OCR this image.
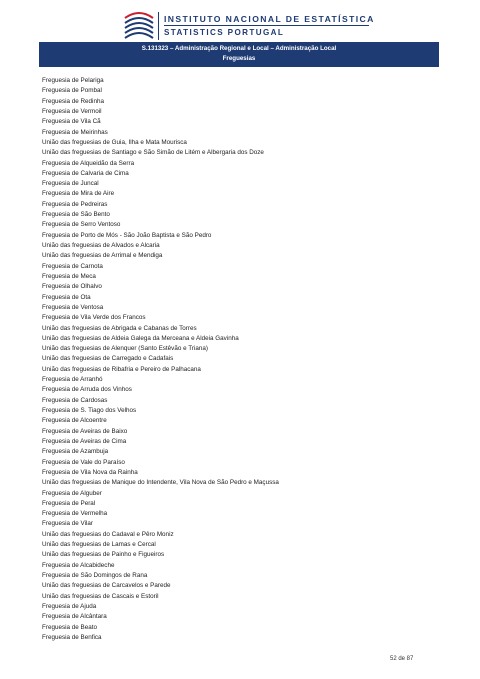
INSTITUTO NACIONAL DE ESTATÍSTICA
STATISTICS PORTUGAL
S.131323 – Administração Regional e Local – Administração Local
Freguesias
Freguesia de Pelariga
Freguesia de Pombal
Freguesia de Redinha
Freguesia de Vermoil
Freguesia de Vila Cã
Freguesia de Meirinhas
União das freguesias de Guia, Ilha e Mata Mourisca
União das freguesias de Santiago e São Simão de Litém e Albergaria dos Doze
Freguesia de Alqueidão da Serra
Freguesia de Calvaria de Cima
Freguesia de Juncal
Freguesia de Mira de Aire
Freguesia de Pedreiras
Freguesia de São Bento
Freguesia de Serro Ventoso
Freguesia de Porto de Mós - São João Baptista e São Pedro
União das freguesias de Alvados e Alcaria
União das freguesias de Arrimal e Mendiga
Freguesia de Carnota
Freguesia de Meca
Freguesia de Olhalvo
Freguesia de Ota
Freguesia de Ventosa
Freguesia de Vila Verde dos Francos
União das freguesias de Abrigada e Cabanas de Torres
União das freguesias de Aldeia Galega da Merceana e Aldeia Gavinha
União das freguesias de Alenquer (Santo Estêvão e Triana)
União das freguesias de Carregado e Cadafais
União das freguesias de Ribafria e Pereiro de Palhacana
Freguesia de Arranhó
Freguesia de Arruda dos Vinhos
Freguesia de Cardosas
Freguesia de S. Tiago dos Velhos
Freguesia de Alcoentre
Freguesia de Aveiras de Baixo
Freguesia de Aveiras de Cima
Freguesia de Azambuja
Freguesia de Vale do Paraíso
Freguesia de Vila Nova da Rainha
União das freguesias de Manique do Intendente, Vila Nova de São Pedro e Maçussa
Freguesia de Alguber
Freguesia de Peral
Freguesia de Vermelha
Freguesia de Vilar
União das freguesias do Cadaval e Pêro Moniz
União das freguesias de Lamas e Cercal
União das freguesias de Painho e Figueiros
Freguesia de Alcabideche
Freguesia de São Domingos de Rana
União das freguesias de Carcavelos e Parede
União das freguesias de Cascais e Estoril
Freguesia de Ajuda
Freguesia de Alcântara
Freguesia de Beato
Freguesia de Benfica
52 de 87
